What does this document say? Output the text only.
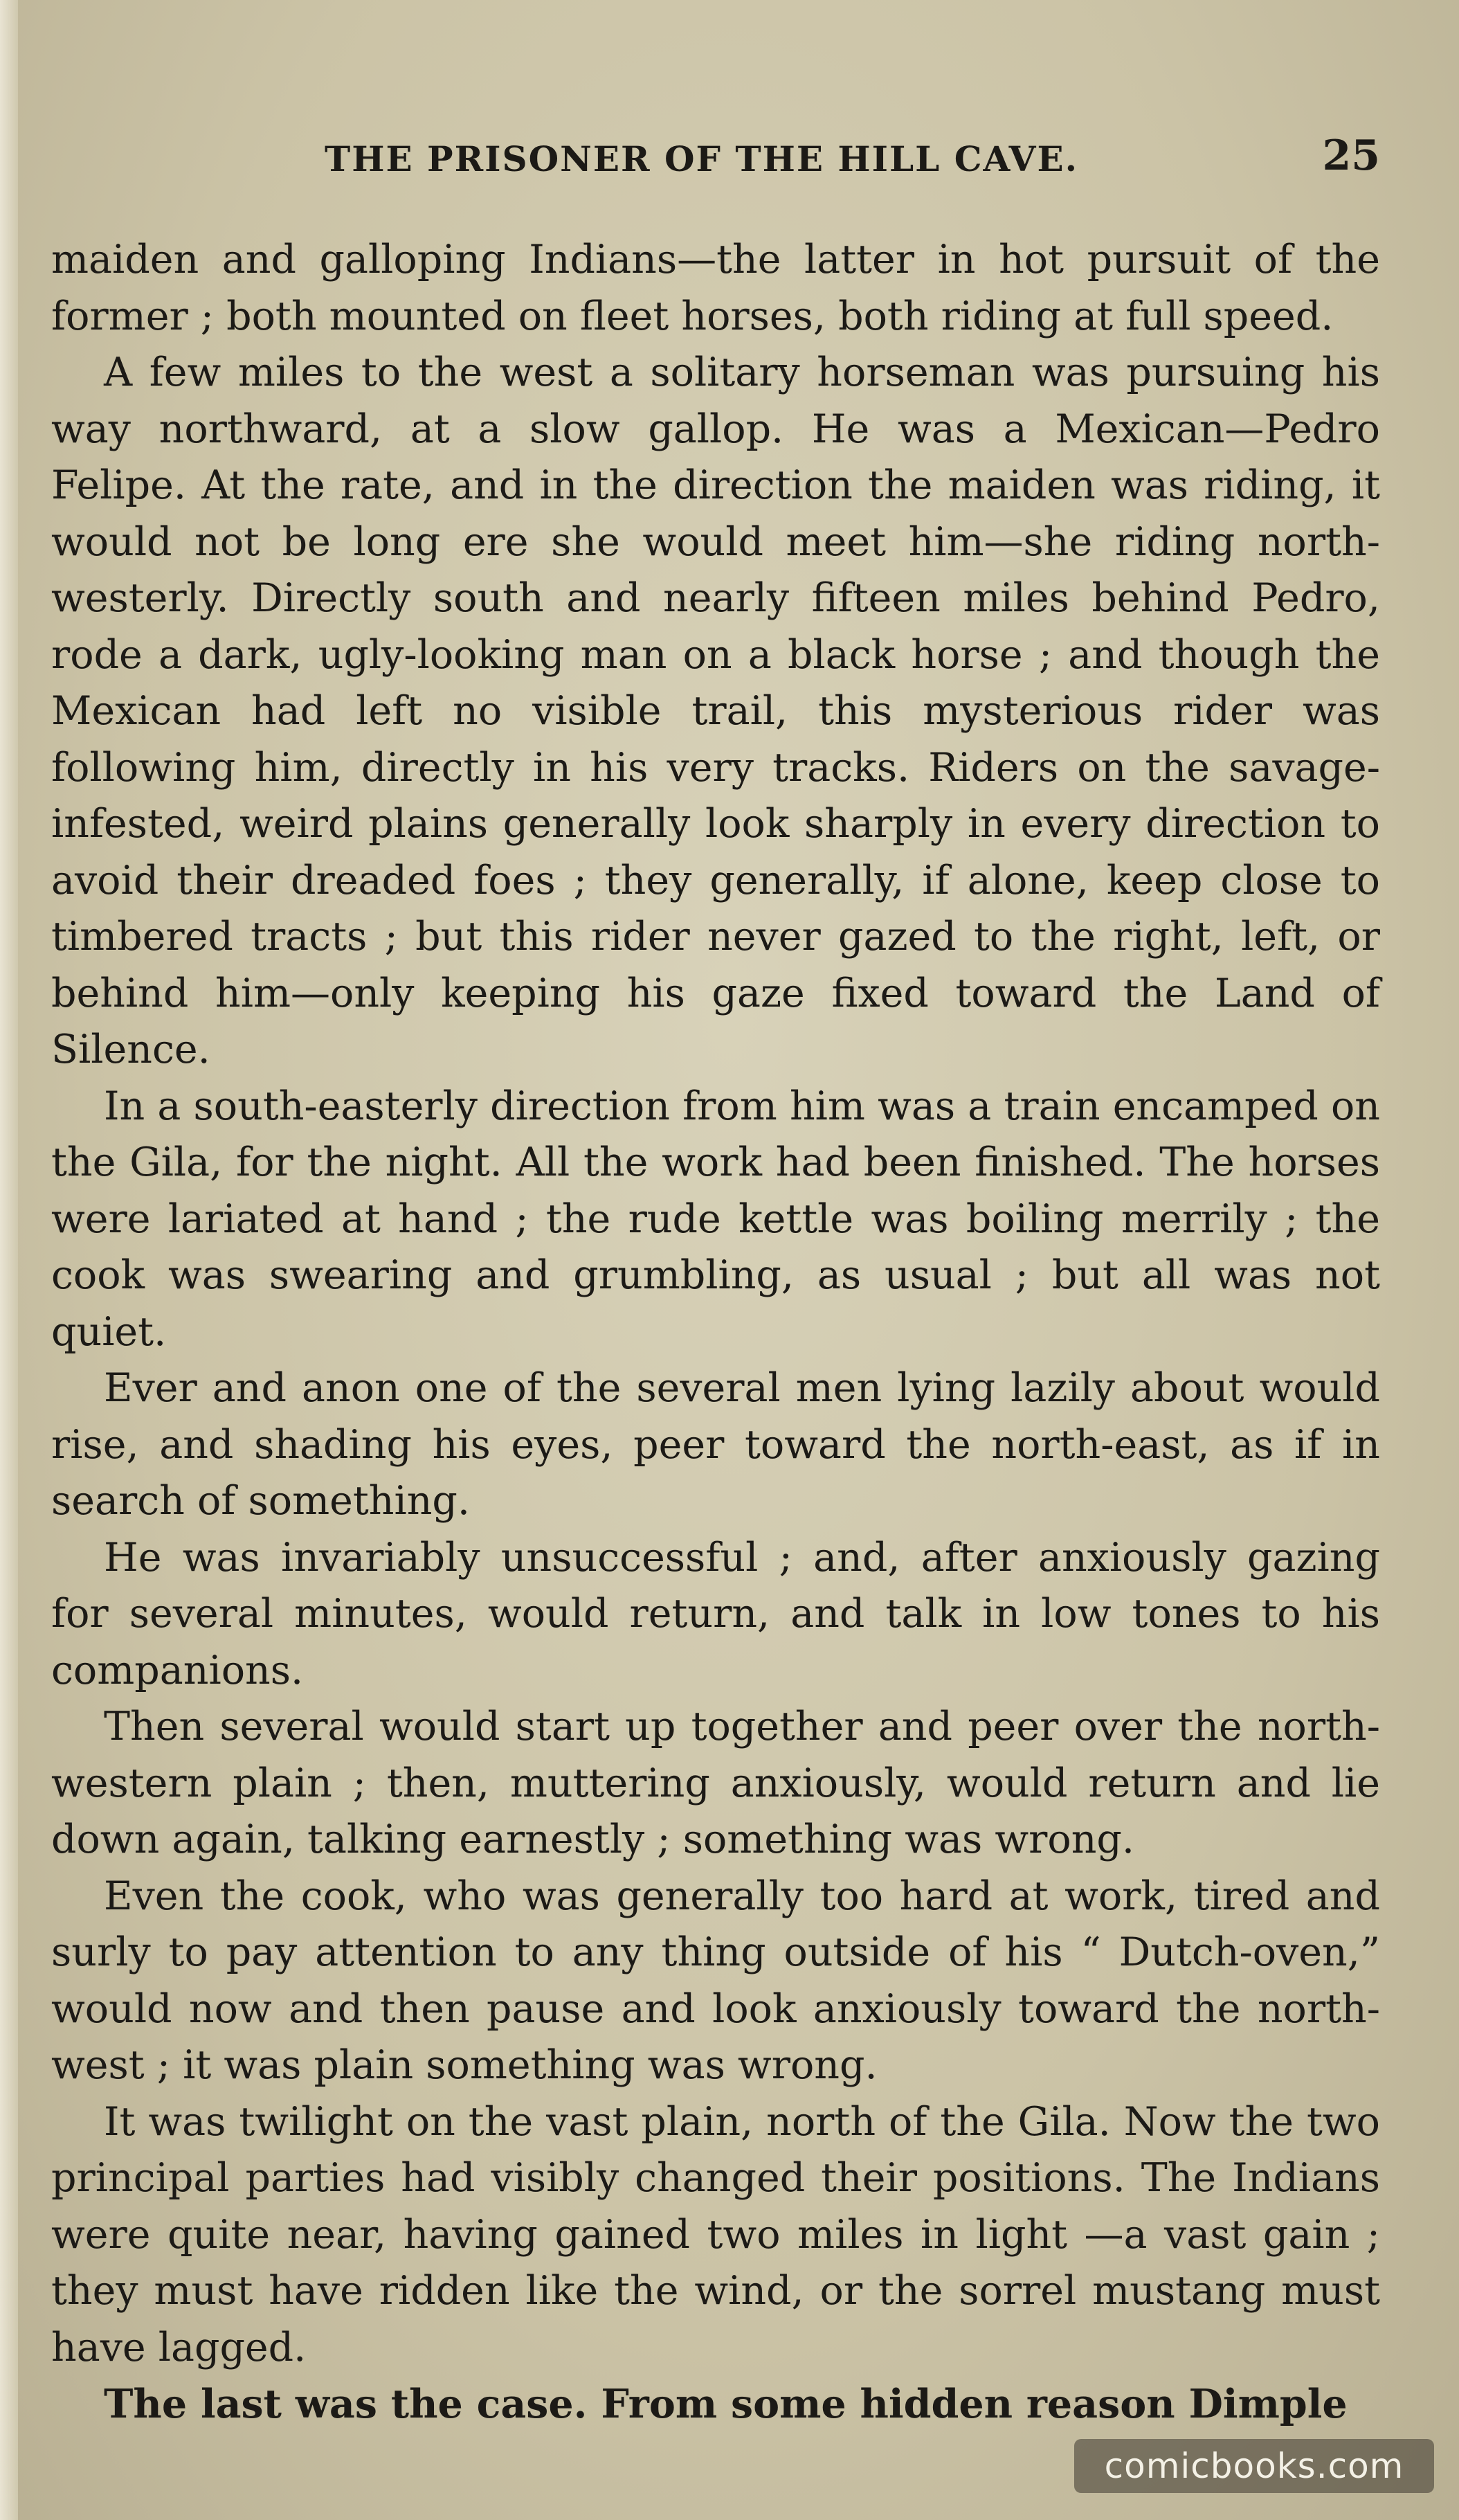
THE PRISONER OF THE HILL CAVE.	25

maiden and galloping Indians—the latter in hot pursuit of the former ; both mounted on fleet horses, both riding at full speed.

A few miles to the west a solitary horseman was pursuing his way northward, at a slow gallop. He was a Mexican—Pedro Felipe. At the rate, and in the direction the maiden was riding, it would not be long ere she would meet him—she riding north-westerly. Directly south and nearly fifteen miles behind Pedro, rode a dark, ugly-looking man on a black horse ; and though the Mexican had left no visible trail, this mysterious rider was following him, directly in his very tracks. Riders on the savage-infested, weird plains generally look sharply in every direction to avoid their dreaded foes ; they generally, if alone, keep close to timbered tracts ; but this rider never gazed to the right, left, or behind him—only keeping his gaze fixed toward the Land of Silence.

In a south-easterly direction from him was a train encamped on the Gila, for the night. All the work had been finished. The horses were lariated at hand ; the rude kettle was boiling merrily ; the cook was swearing and grumbling, as usual ; but all was not quiet.

Ever and anon one of the several men lying lazily about would rise, and shading his eyes, peer toward the north-east, as if in search of something.

He was invariably unsuccessful ; and, after anxiously gazing for several minutes, would return, and talk in low tones to his companions.

Then several would start up together and peer over the north-western plain ; then, muttering anxiously, would return and lie down again, talking earnestly ; something was wrong.

Even the cook, who was generally too hard at work, tired and surly to pay attention to any thing outside of his “ Dutch-oven,” would now and then pause and look anxiously toward the north-west ; it was plain something was wrong.

It was twilight on the vast plain, north of the Gila. Now the two principal parties had visibly changed their positions. The Indians were quite near, having gained two miles in light —a vast gain ; they must have ridden like the wind, or the sorrel mustang must have lagged.

The last was the case. From some hidden reason Dimple

comicbooks.com
